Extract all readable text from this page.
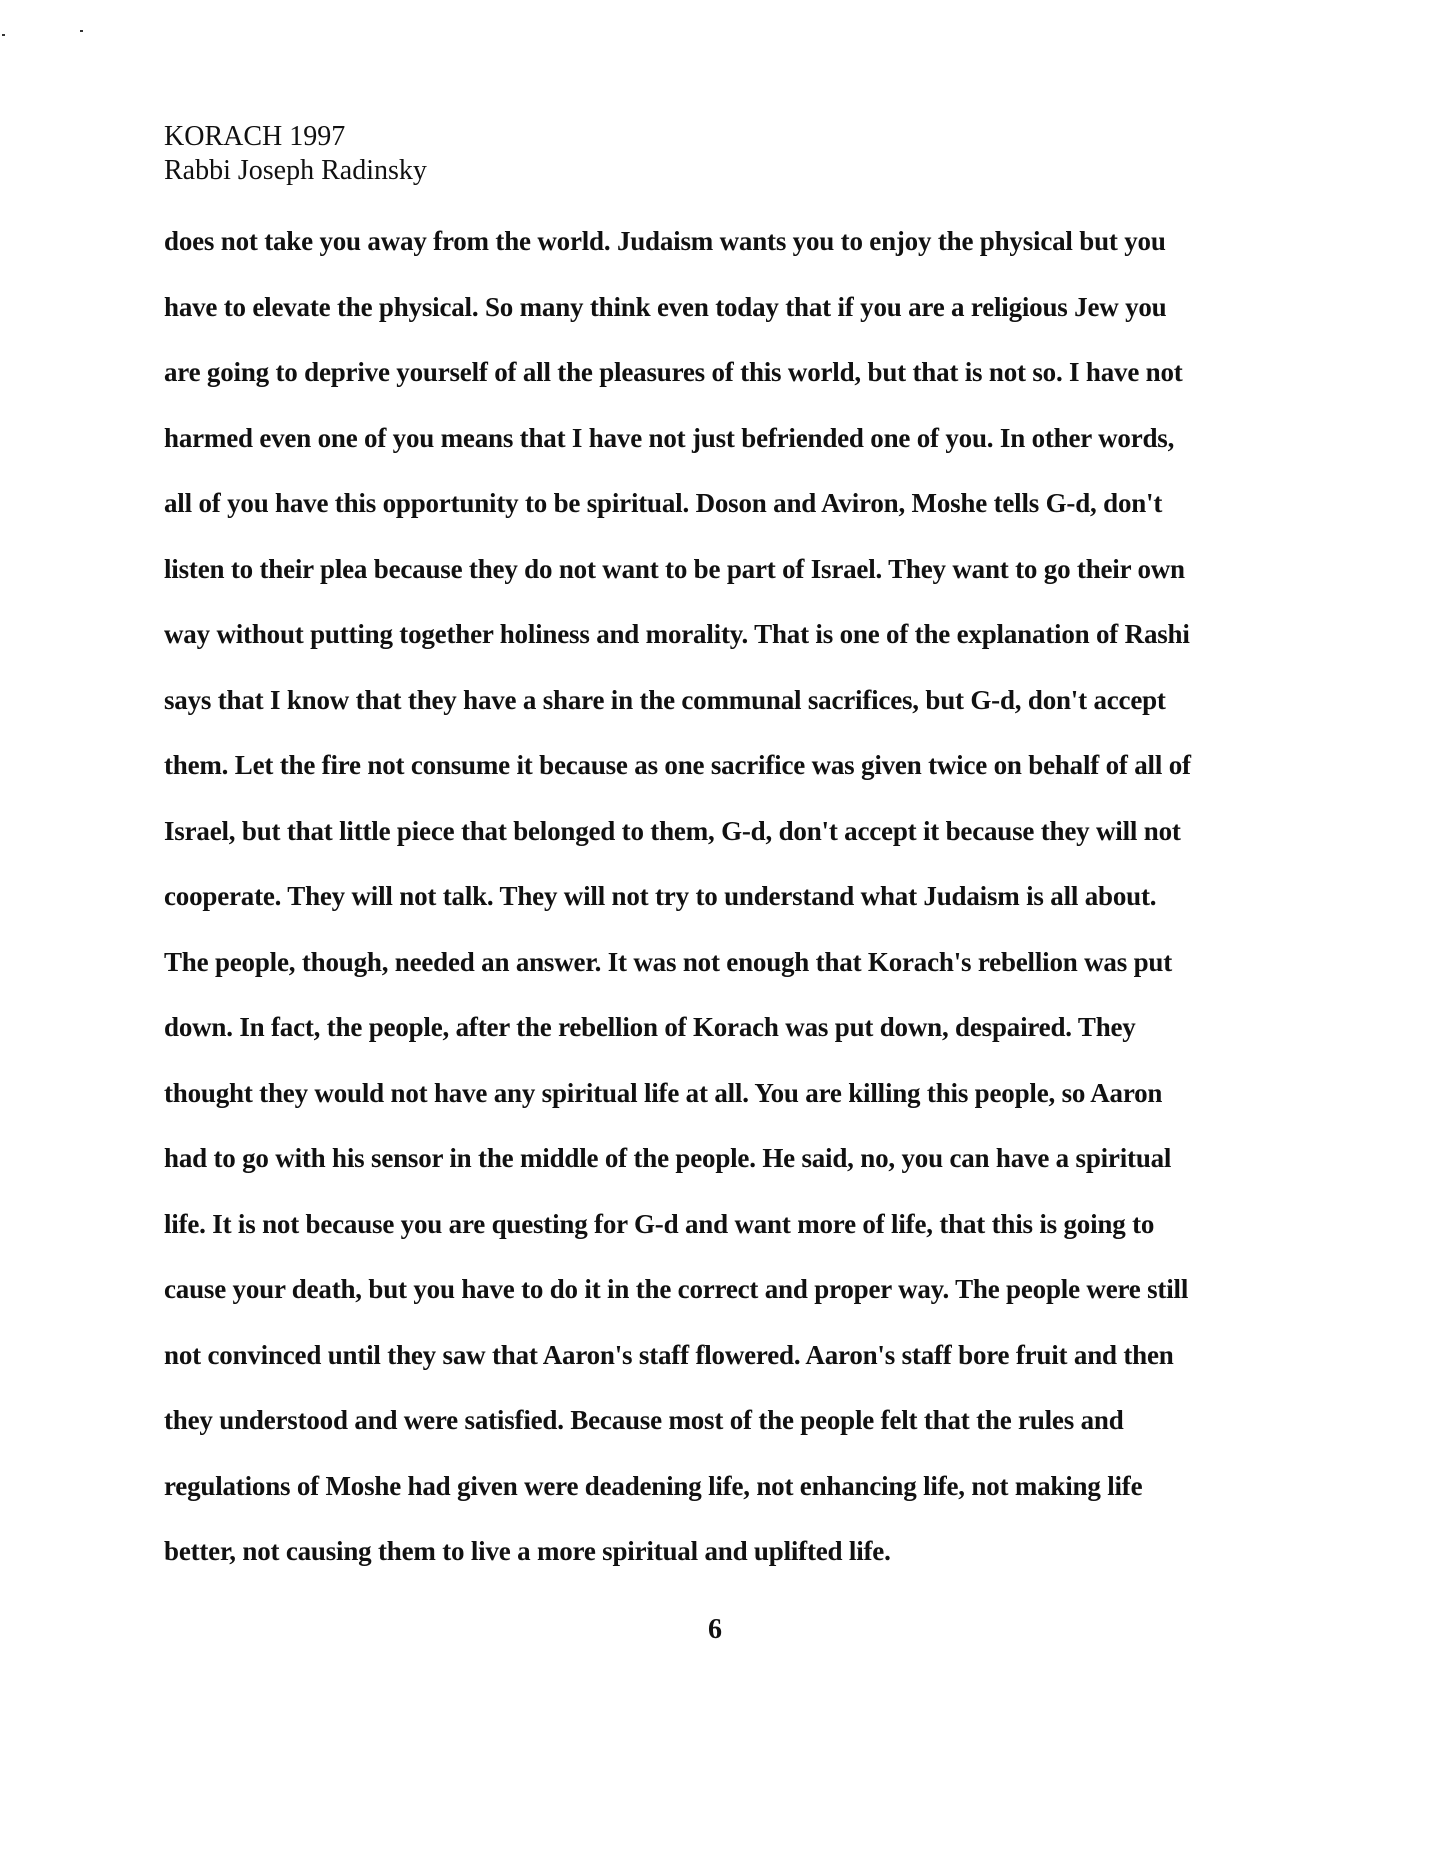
KORACH 1997
Rabbi Joseph Radinsky
does not take you away from the world. Judaism wants you to enjoy the physical but you
have to elevate the physical. So many think even today that if you are a religious Jew you
are going to deprive yourself of all the pleasures of this world, but that is not so. I have not
harmed even one of you means that I have not just befriended one of you. In other words,
all of you have this opportunity to be spiritual. Doson and Aviron, Moshe tells G-d, don't
listen to their plea because they do not want to be part of Israel. They want to go their own
way without putting together holiness and morality. That is one of the explanation of Rashi
says that I know that they have a share in the communal sacrifices, but G-d, don't accept
them. Let the fire not consume it because as one sacrifice was given twice on behalf of all of
Israel, but that little piece that belonged to them, G-d, don't accept it because they will not
cooperate. They will not talk. They will not try to understand what Judaism is all about.
The people, though, needed an answer. It was not enough that Korach's rebellion was put
down. In fact, the people, after the rebellion of Korach was put down, despaired. They
thought they would not have any spiritual life at all. You are killing this people, so Aaron
had to go with his sensor in the middle of the people. He said, no, you can have a spiritual
life. It is not because you are questing for G-d and want more of life, that this is going to
cause your death, but you have to do it in the correct and proper way. The people were still
not convinced until they saw that Aaron's staff flowered. Aaron's staff bore fruit and then
they understood and were satisfied. Because most of the people felt that the rules and
regulations of Moshe had given were deadening life, not enhancing life, not making life
better, not causing them to live a more spiritual and uplifted life.
6
